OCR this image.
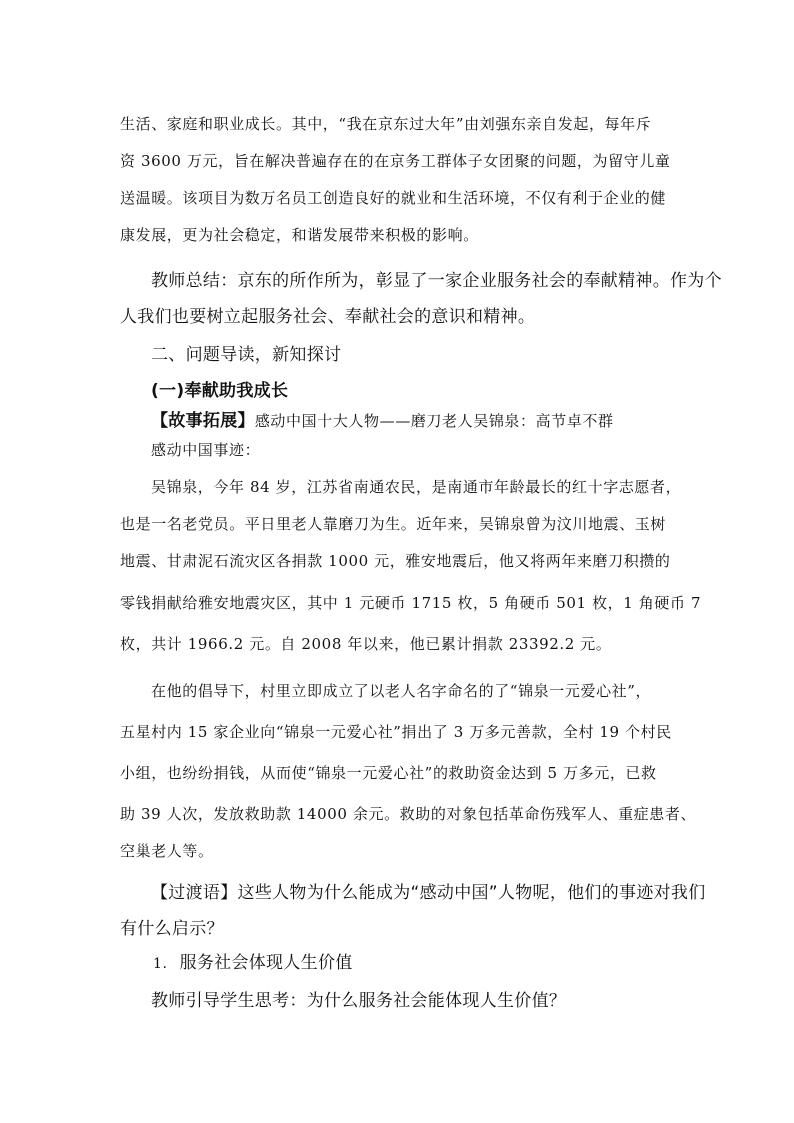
生活、家庭和职业成长。其中，“我在京东过大年”由刘强东亲自发起，每年斥

资 3600 万元，旨在解决普遍存在的在京务工群体子女团聚的问题，为留守儿童

送温暖。该项目为数万名员工创造良好的就业和生活环境，不仅有利于企业的健

康发展，更为社会稳定，和谐发展带来积极的影响。

教师总结：京东的所作所为，彰显了一家企业服务社会的奉献精神。作为个

人我们也要树立起服务社会、奉献社会的意识和精神。

二、问题导读，新知探讨

(一)奉献助我成长

【故事拓展】感动中国十大人物——磨刀老人吴锦泉：高节卓不群

感动中国事迹：

吴锦泉，今年 84 岁，江苏省南通农民，是南通市年龄最长的红十字志愿者，

也是一名老党员。平日里老人靠磨刀为生。近年来，吴锦泉曾为汶川地震、玉树

地震、甘肃泥石流灾区各捐款 1000 元，雅安地震后，他又将两年来磨刀积攒的

零钱捐献给雅安地震灾区，其中 1 元硬币 1715 枚，5 角硬币 501 枚，1 角硬币 7

枚，共计 1966.2 元。自 2008 年以来，他已累计捐款 23392.2 元。

在他的倡导下，村里立即成立了以老人名字命名的了“锦泉一元爱心社”，

五星村内 15 家企业向“锦泉一元爱心社”捐出了 3 万多元善款，全村 19 个村民

小组，也纷纷捐钱，从而使“锦泉一元爱心社”的救助资金达到 5 万多元，已救

助 39 人次，发放救助款 14000 余元。救助的对象包括革命伤残军人、重症患者、

空巢老人等。

【过渡语】这些人物为什么能成为“感动中国”人物呢，他们的事迹对我们

有什么启示？

1. 服务社会体现人生价值

教师引导学生思考：为什么服务社会能体现人生价值？
